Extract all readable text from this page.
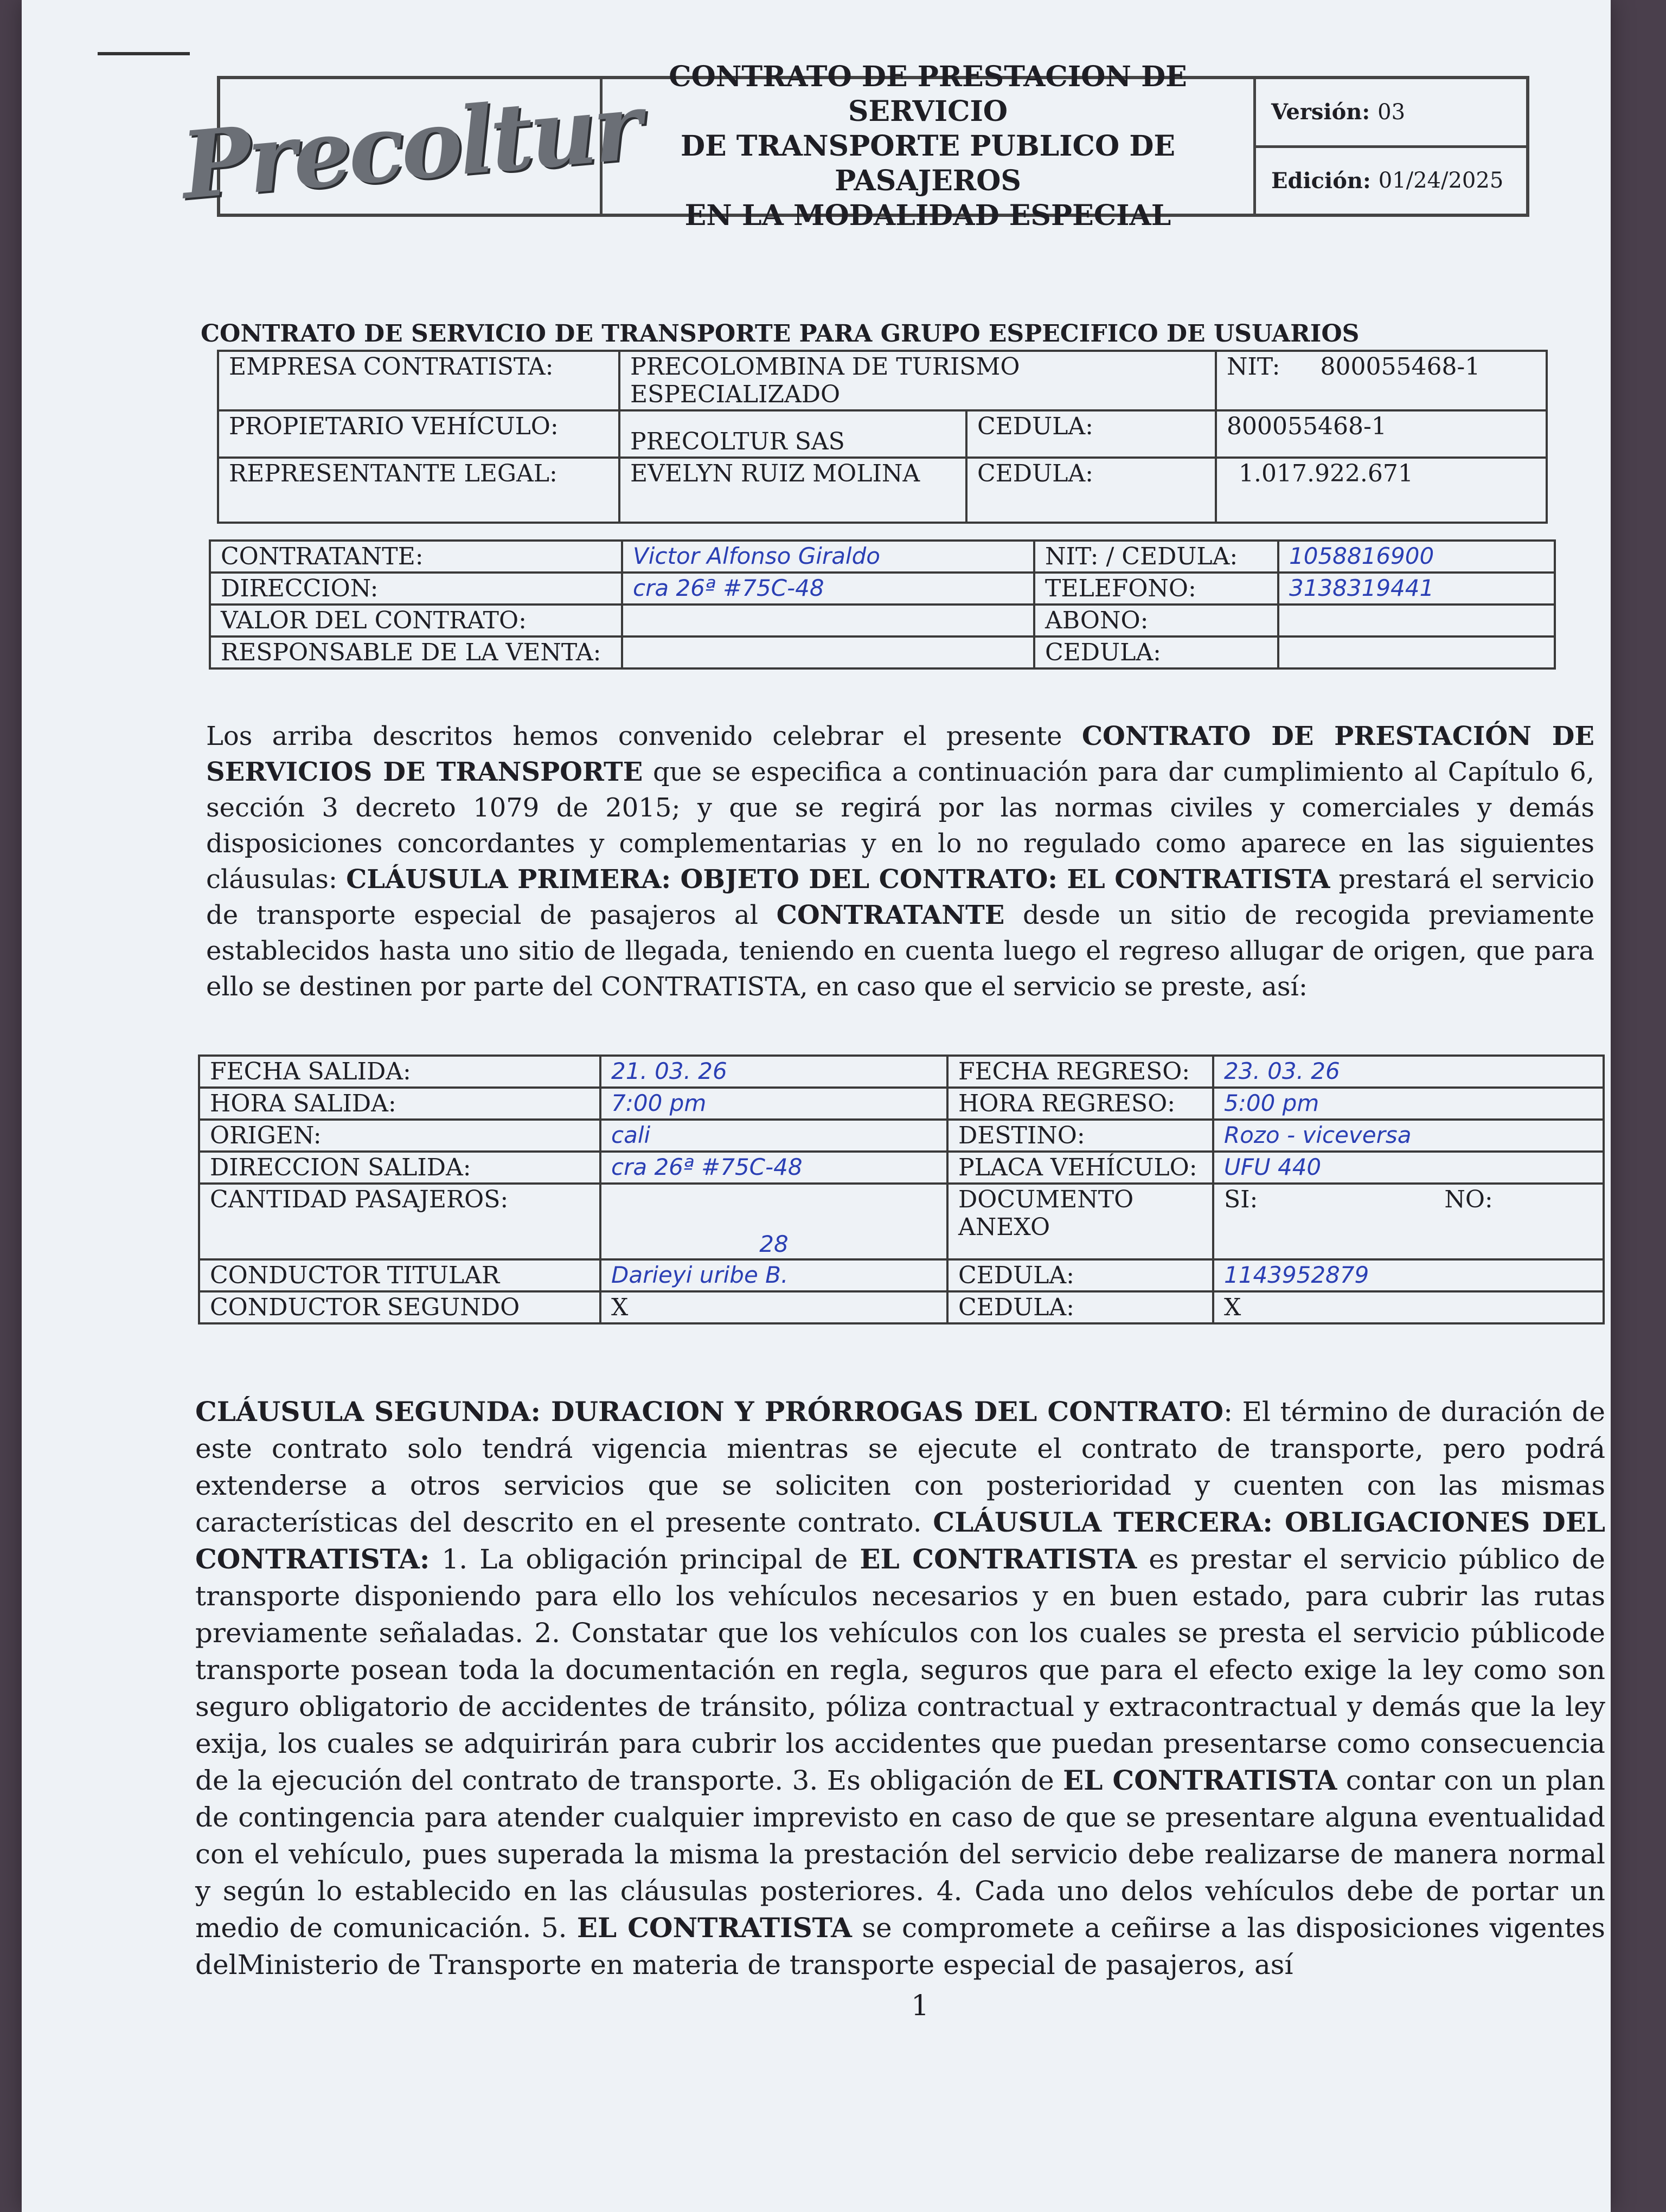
Precoltur CONTRATO DE PRESTACION DE SERVICIO
DE TRANSPORTE PUBLICO DE PASAJEROS
EN LA MODALIDAD ESPECIAL
Versión: 03
Edición: 01/24/2025
CONTRATO DE SERVICIO DE TRANSPORTE PARA GRUPO ESPECIFICO DE USUARIOS
EMPRESA CONTRATISTA:	PRECOLOMBINA DE TURISMO ESPECIALIZADO		NIT: 800055468-1
PROPIETARIO VEHÍCULO:	PRECOLTUR SAS	CEDULA:	800055468-1
REPRESENTANTE LEGAL:	EVELYN RUIZ MOLINA	CEDULA:	1.017.922.671
CONTRATANTE:	Victor Alfonso Giraldo	NIT: / CEDULA:	1058816900
DIRECCION:	cra 26ª #75C-48	TELEFONO:	3138319441
VALOR DEL CONTRATO:		ABONO:	
RESPONSABLE DE LA VENTA:		CEDULA:	
Los arriba descritos hemos convenido celebrar el presente CONTRATO DE PRESTACIÓN DE SERVICIOS DE TRANSPORTE que se especifica a continuación para dar cumplimiento al Capítulo 6, sección 3 decreto 1079 de 2015; y que se regirá por las normas civiles y comerciales y demás disposiciones concordantes y complementarias y en lo no regulado como aparece en las siguientes cláusulas: CLÁUSULA PRIMERA: OBJETO DEL CONTRATO: EL CONTRATISTA prestará el servicio de transporte especial de pasajeros al CONTRATANTE desde un sitio de recogida previamente establecidos hasta uno sitio de llegada, teniendo en cuenta luego el regreso allugar de origen, que para ello se destinen por parte del CONTRATISTA, en caso que el servicio se preste, así:
FECHA SALIDA:	21. 03. 26	FECHA REGRESO:	23. 03. 26
HORA SALIDA:	7:00 pm	HORA REGRESO:	5:00 pm
ORIGEN:	cali	DESTINO:	Rozo - viceversa
DIRECCION SALIDA:	cra 26ª #75C-48	PLACA VEHÍCULO:	UFU 440
CANTIDAD PASAJEROS:	28	DOCUMENTO ANEXO	SI: NO:
CONDUCTOR TITULAR	Darieyi uribe B.	CEDULA:	1143952879
CONDUCTOR SEGUNDO	X	CEDULA:	X
CLÁUSULA SEGUNDA: DURACION Y PRÓRROGAS DEL CONTRATO: El término de duración de este contrato solo tendrá vigencia mientras se ejecute el contrato de transporte, pero podrá extenderse a otros servicios que se soliciten con posterioridad y cuenten con las mismas características del descrito en el presente contrato. CLÁUSULA TERCERA: OBLIGACIONES DEL CONTRATISTA: 1. La obligación principal de EL CONTRATISTA es prestar el servicio público de transporte disponiendo para ello los vehículos necesarios y en buen estado, para cubrir las rutas previamente señaladas. 2. Constatar que los vehículos con los cuales se presta el servicio públicode transporte posean toda la documentación en regla, seguros que para el efecto exige la ley como son seguro obligatorio de accidentes de tránsito, póliza contractual y extracontractual y demás que la ley exija, los cuales se adquirirán para cubrir los accidentes que puedan presentarse como consecuencia de la ejecución del contrato de transporte. 3. Es obligación de EL CONTRATISTA contar con un plan de contingencia para atender cualquier imprevisto en caso de que se presentare alguna eventualidad con el vehículo, pues superada la misma la prestación del servicio debe realizarse de manera normal y según lo establecido en las cláusulas posteriores. 4. Cada uno delos vehículos debe de portar un medio de comunicación. 5. EL CONTRATISTA se compromete a ceñirse a las disposiciones vigentes delMinisterio de Transporte en materia de transporte especial de pasajeros, así
1
